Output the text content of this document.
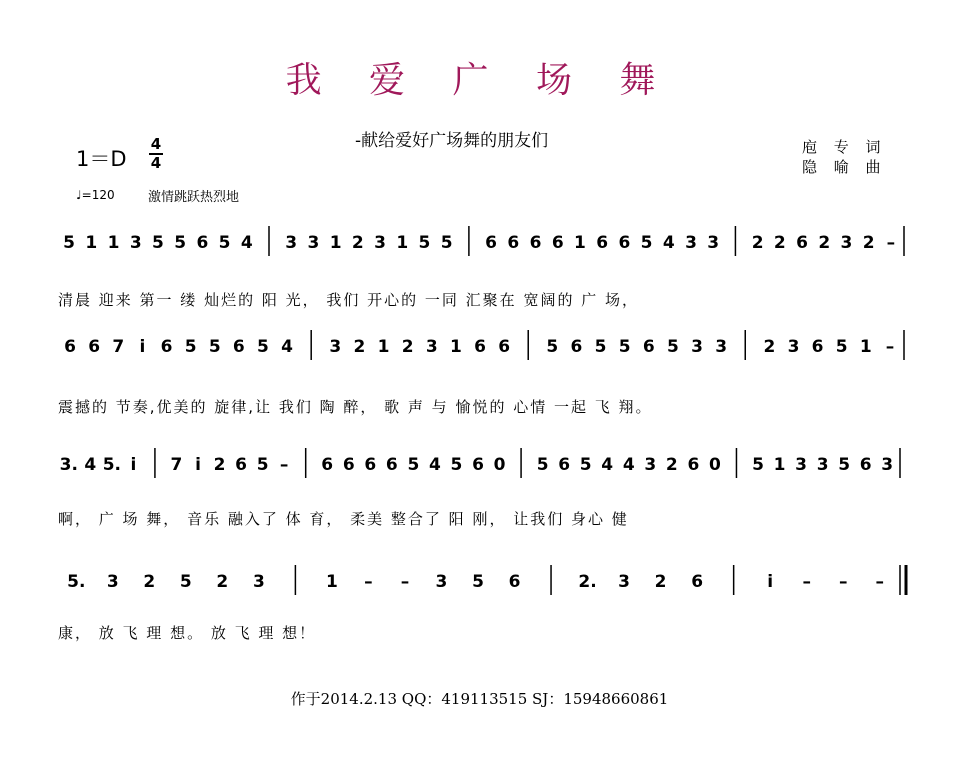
我 爱 广 场 舞
-献给爱好广场舞的朋友们
1＝D
4
4
♩=120	激情跳跃热烈地
庖 专 词
隐 喻 曲
5 1 1 3 5 5 6 5 4 3 3 1 2 3 1 5 5 6 6 6 6 1 6 6 5 4 3 3 2 2 6 2 3 2 –
清晨 迎来 第一 缕 灿烂的 阳 光， 我们 开心的 一同 汇聚在 宽阔的 广 场，
6 6 7 i 6 5 5 6 5 4 3 2 1 2 3 1 6 6 5 6 5 5 6 5 3 3 2 3 6 5 1 –
震撼的 节奏,优美的 旋律,让 我们 陶 醉， 歌 声 与 愉悦的 心情 一起 飞 翔。
3. 4 5. i 7 i 2 6 5 – 6 6 6 6 5 4 5 6 0 5 6 5 4 4 3 2 6 0 5 1 3 3 5 6 3
啊， 广 场 舞， 音乐 融入了 体 育， 柔美 整合了 阳 刚， 让我们 身心 健
5. 3 2 5 2 3	1 – – 3 5 6	2. 3 2 6	i – – –
康， 放 飞 理 想。 放 飞 理 想！
作于2014.2.13 QQ：419113515 SJ：15948660861
